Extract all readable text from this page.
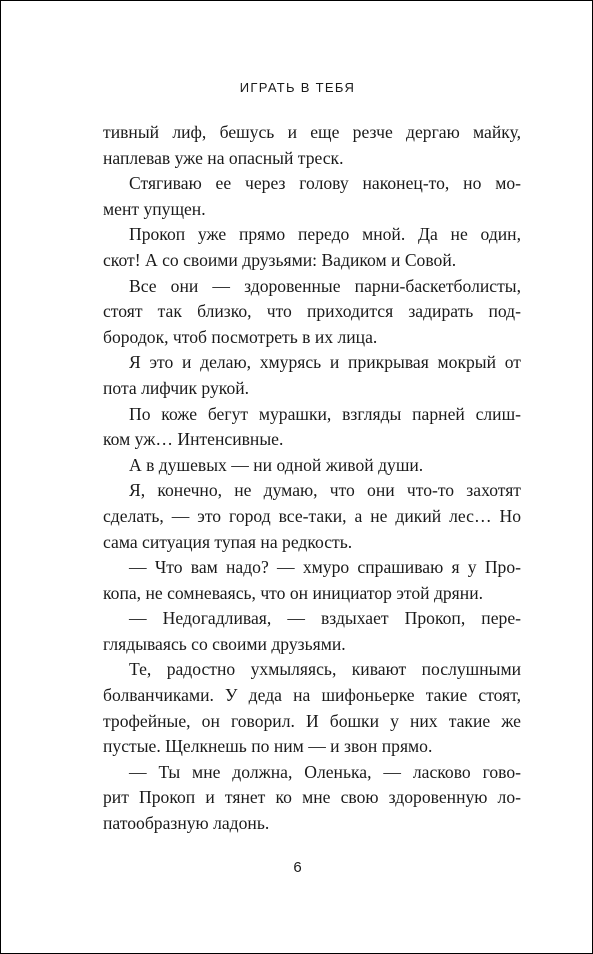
ИГРАТЬ В ТЕБЯ
тивный лиф, бешусь и еще резче дергаю майку,
наплевав уже на опасный треск.
Стягиваю ее через голову наконец-то, но мо-
мент упущен.
Прокоп уже прямо передо мной. Да не один,
скот! А со своими друзьями: Вадиком и Совой.
Все они — здоровенные парни-баскетболисты,
стоят так близко, что приходится задирать под-
бородок, чтоб посмотреть в их лица.
Я это и делаю, хмурясь и прикрывая мокрый от
пота лифчик рукой.
По коже бегут мурашки, взгляды парней слиш-
ком уж… Интенсивные.
А в душевых — ни одной живой души.
Я, конечно, не думаю, что они что-то захотят
сделать, — это город все-таки, а не дикий лес… Но
сама ситуация тупая на редкость.
— Что вам надо? — хмуро спрашиваю я у Про-
копа, не сомневаясь, что он инициатор этой дряни.
— Недогадливая, — вздыхает Прокоп, пере-
глядываясь со своими друзьями.
Те, радостно ухмыляясь, кивают послушными
болванчиками. У деда на шифоньерке такие стоят,
трофейные, он говорил. И бошки у них такие же
пустые. Щелкнешь по ним — и звон прямо.
— Ты мне должна, Оленька, — ласково гово-
рит Прокоп и тянет ко мне свою здоровенную ло-
патообразную ладонь.
6
